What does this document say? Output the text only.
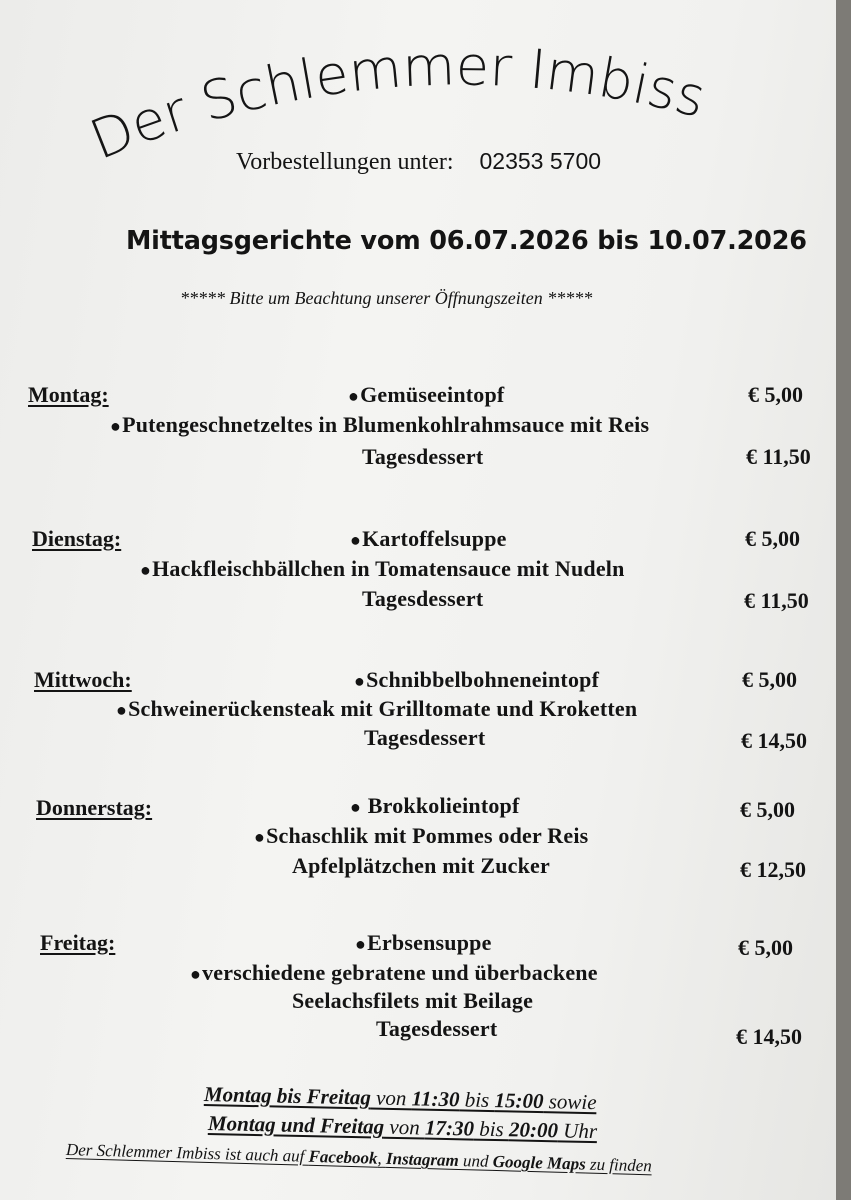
Der Schlemmer Imbiss
Vorbestellungen unter: 02353 5700
Mittagsgerichte vom 06.07.2026 bis 10.07.2026
***** Bitte um Beachtung unserer Öffnungszeiten *****
Montag:	●Gemüseeintopf	€ 5,00
●Putengeschnetzeltes in Blumenkohlrahmsauce mit Reis
Tagesdessert	€ 11,50
Dienstag:	●Kartoffelsuppe	€ 5,00
●Hackfleischbällchen in Tomatensauce mit Nudeln
Tagesdessert	€ 11,50
Mittwoch:	●Schnibbelbohneneintopf	€ 5,00
●Schweinerückensteak mit Grilltomate und Kroketten
Tagesdessert	€ 14,50
Donnerstag:	● Brokkolieintopf	€ 5,00
●Schaschlik mit Pommes oder Reis
Apfelplätzchen mit Zucker	€ 12,50
Freitag:	●Erbsensuppe	€ 5,00
●verschiedene gebratene und überbackene
Seelachsfilets mit Beilage
Tagesdessert	€ 14,50
Montag bis Freitag von 11:30 bis 15:00 sowie
Montag und Freitag von 17:30 bis 20:00 Uhr
Der Schlemmer Imbiss ist auch auf Facebook, Instagram und Google Maps zu finden
